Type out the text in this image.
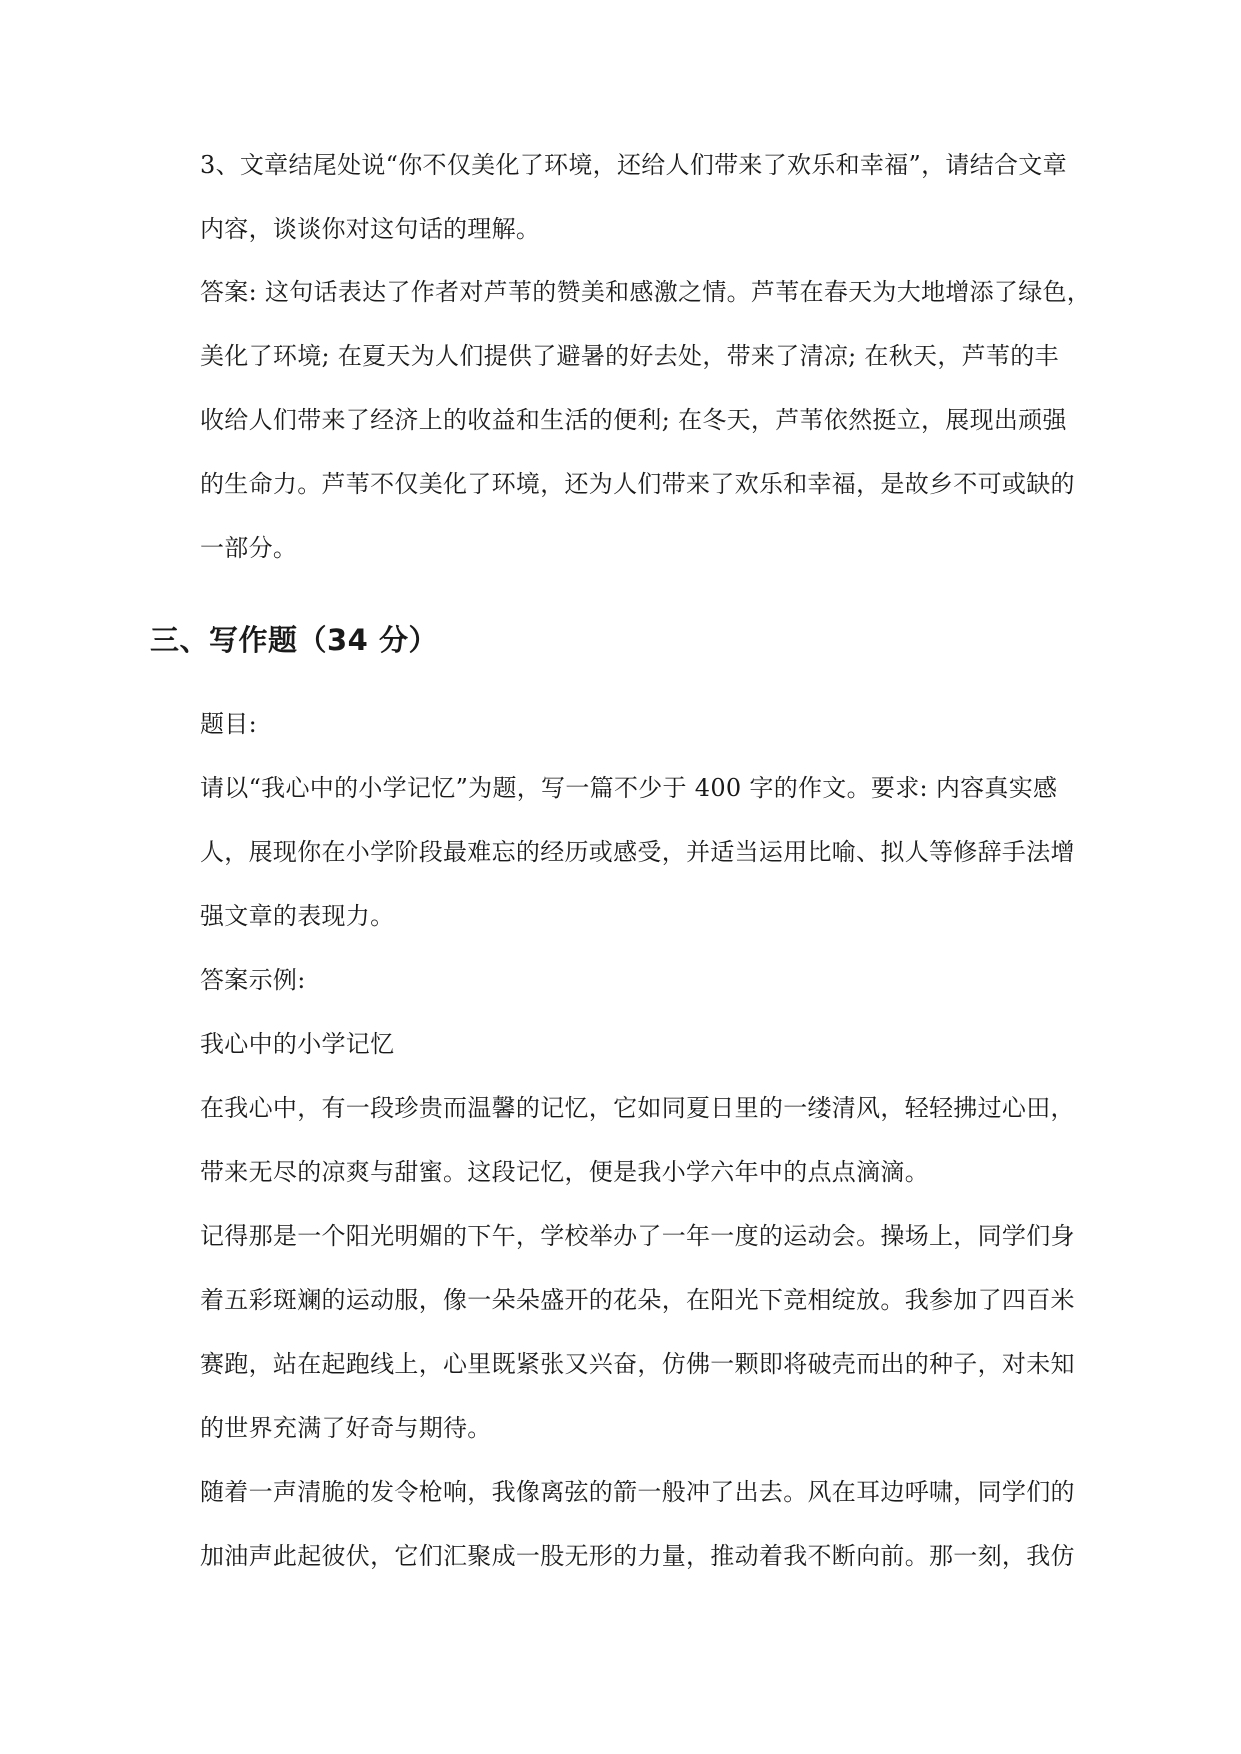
3、文章结尾处说“你不仅美化了环境，还给人们带来了欢乐和幸福”，请结合文章
内容，谈谈你对这句话的理解。
答案: 这句话表达了作者对芦苇的赞美和感激之情。芦苇在春天为大地增添了绿色，
美化了环境; 在夏天为人们提供了避暑的好去处，带来了清凉; 在秋天，芦苇的丰
收给人们带来了经济上的收益和生活的便利; 在冬天，芦苇依然挺立，展现出顽强
的生命力。芦苇不仅美化了环境，还为人们带来了欢乐和幸福，是故乡不可或缺的
一部分。
三、写作题（34 分）
题目:
请以“我心中的小学记忆”为题，写一篇不少于 400 字的作文。要求: 内容真实感
人，展现你在小学阶段最难忘的经历或感受，并适当运用比喻、拟人等修辞手法增
强文章的表现力。
答案示例:
我心中的小学记忆
在我心中，有一段珍贵而温馨的记忆，它如同夏日里的一缕清风，轻轻拂过心田，
带来无尽的凉爽与甜蜜。这段记忆，便是我小学六年中的点点滴滴。
记得那是一个阳光明媚的下午，学校举办了一年一度的运动会。操场上，同学们身
着五彩斑斓的运动服，像一朵朵盛开的花朵，在阳光下竞相绽放。我参加了四百米
赛跑，站在起跑线上，心里既紧张又兴奋，仿佛一颗即将破壳而出的种子，对未知
的世界充满了好奇与期待。
随着一声清脆的发令枪响，我像离弦的箭一般冲了出去。风在耳边呼啸，同学们的
加油声此起彼伏，它们汇聚成一股无形的力量，推动着我不断向前。那一刻，我仿
